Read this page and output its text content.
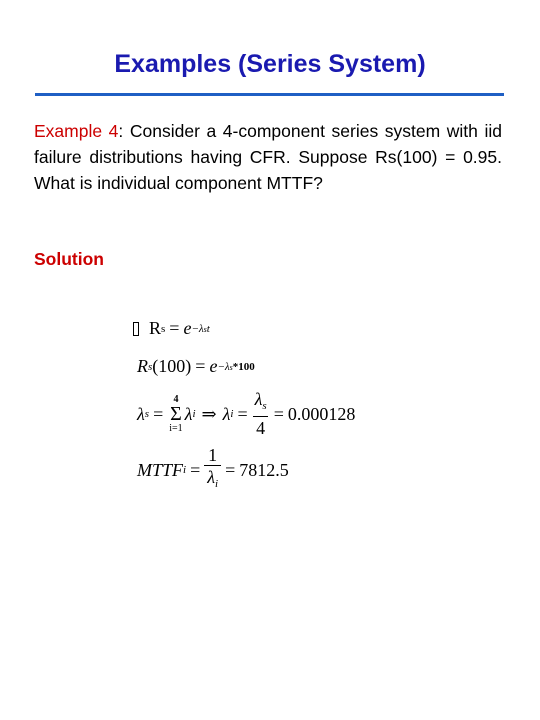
Examples (Series System)

Example 4: Consider a 4-component series system with iid failure distributions having CFR. Suppose Rs(100) = 0.95. What is individual component MTTF?

Solution

R s = e −λst
R s (100) = e −λs*100
λ s =
4
Σ
i=1
λ i ⇒ λ $i = \frac{\lambda_s}{4} = 0.000128$
MTTF $i = \frac{1}{\lambda_i} = 7812.5$
